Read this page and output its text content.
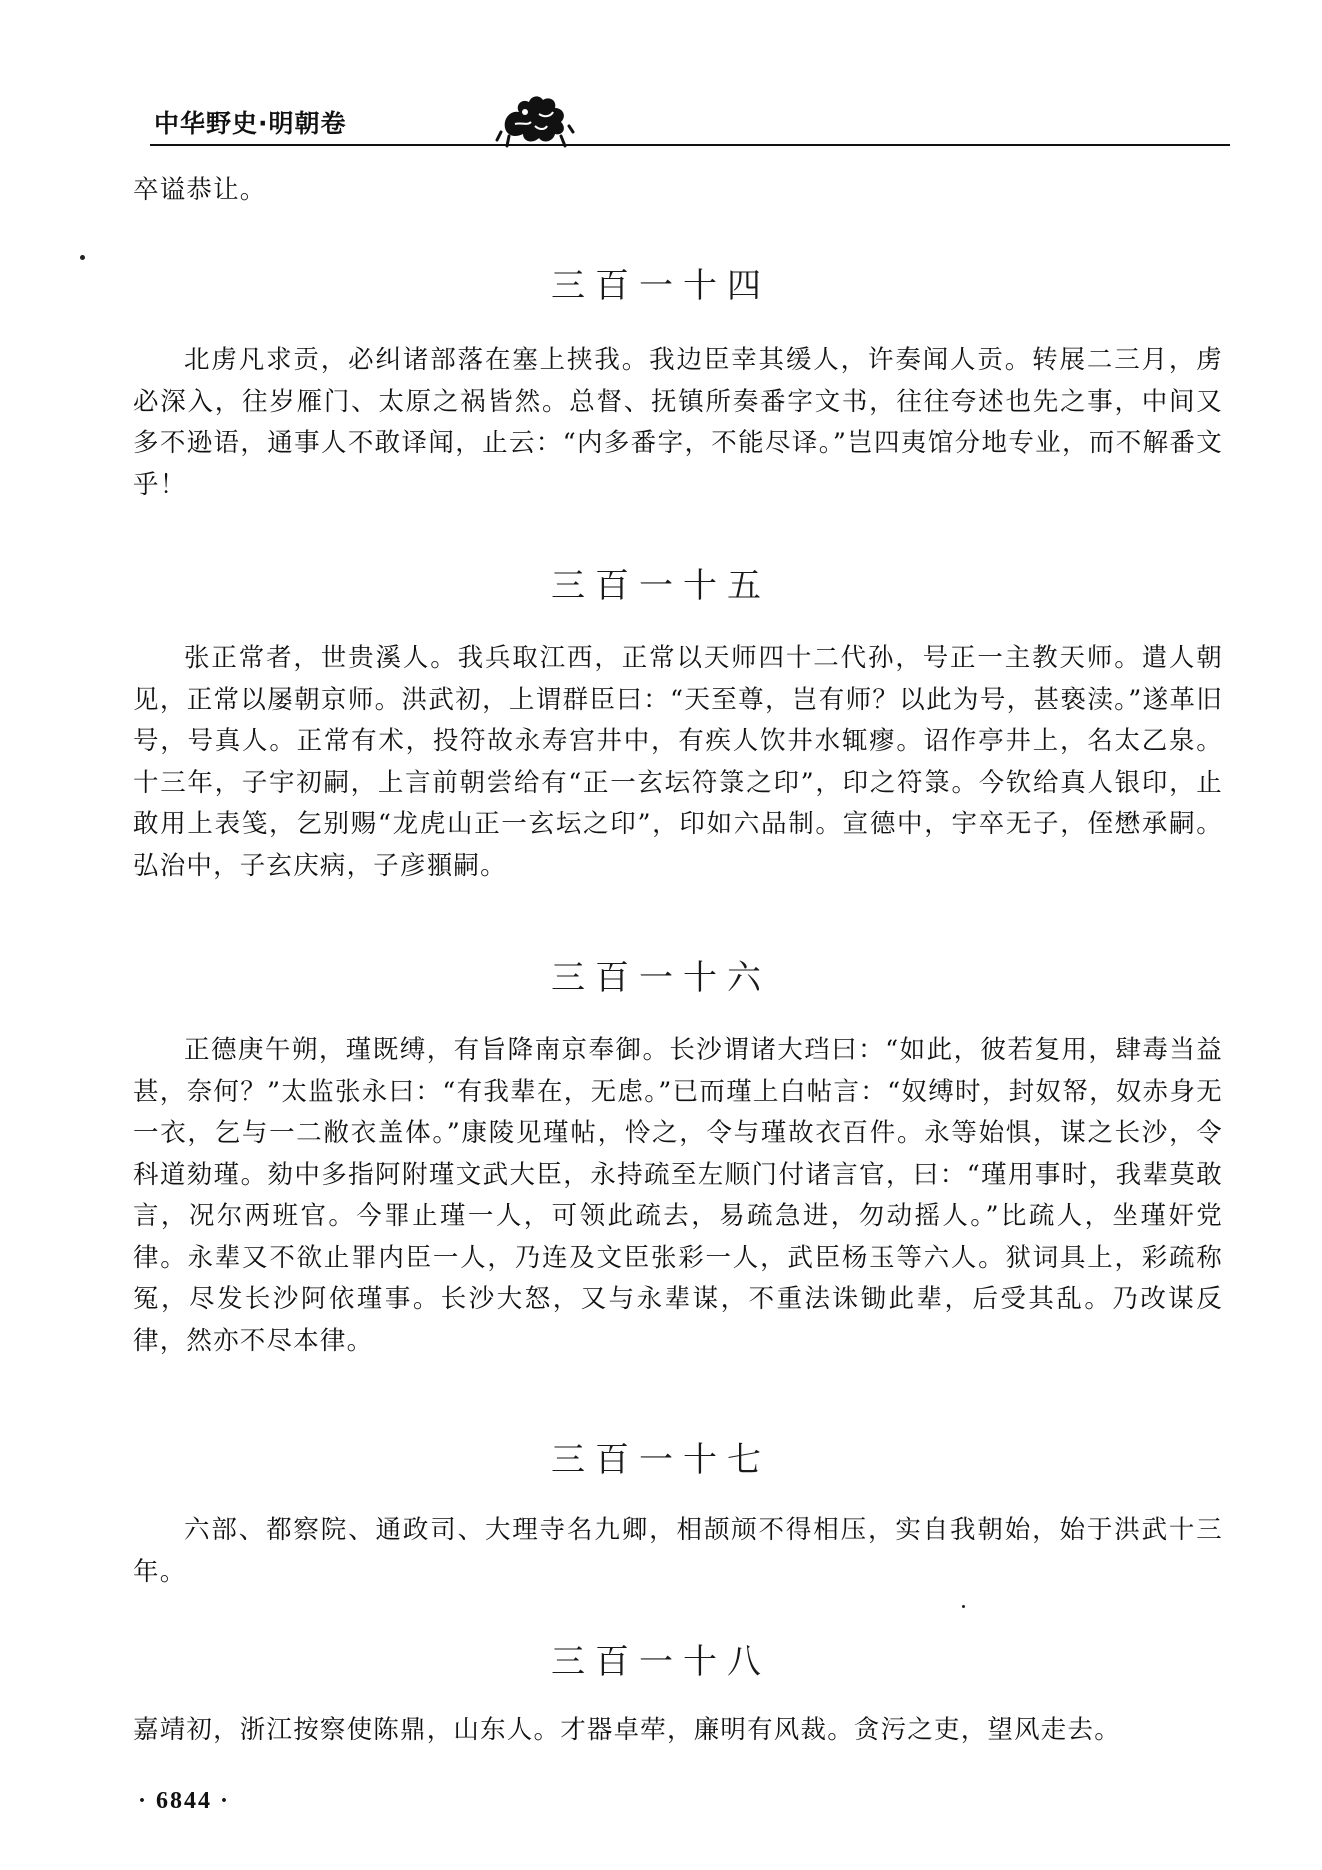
中华野史·明朝卷

卒谥恭让。

三百一十四

北虏凡求贡，必纠诸部落在塞上挟我。我边臣幸其缓人，许奏闻人贡。转展二三月，虏必深入，往岁雁门、太原之祸皆然。总督、抚镇所奏番字文书，往往夸述也先之事，中间又多不逊语，通事人不敢译闻，止云：“内多番字，不能尽译。”岂四夷馆分地专业，而不解番文乎！

三百一十五

张正常者，世贵溪人。我兵取江西，正常以天师四十二代孙，号正一主教天师。遣人朝见，正常以屡朝京师。洪武初，上谓群臣曰：“天至尊，岂有师？以此为号，甚亵渎。”遂革旧号，号真人。正常有术，投符故永寿宫井中，有疾人饮井水辄瘳。诏作亭井上，名太乙泉。十三年，子宇初嗣，上言前朝尝给有“正一玄坛符箓之印”，印之符箓。今钦给真人银印，止敢用上表笺，乞别赐“龙虎山正一玄坛之印”，印如六品制。宣德中，宇卒无子，侄懋承嗣。弘治中，子玄庆病，子彦頨嗣。

三百一十六

正德庚午朔，瑾既缚，有旨降南京奉御。长沙谓诸大珰曰：“如此，彼若复用，肆毒当益甚，奈何？”太监张永曰：“有我辈在，无虑。”已而瑾上白帖言：“奴缚时，封奴帑，奴赤身无一衣，乞与一二敝衣盖体。”康陵见瑾帖，怜之，令与瑾故衣百件。永等始惧，谋之长沙，令科道劾瑾。劾中多指阿附瑾文武大臣，永持疏至左顺门付诸言官，曰：“瑾用事时，我辈莫敢言，况尔两班官。今罪止瑾一人，可领此疏去，易疏急进，勿动摇人。”比疏人，坐瑾奸党律。永辈又不欲止罪内臣一人，乃连及文臣张彩一人，武臣杨玉等六人。狱词具上，彩疏称冤，尽发长沙阿依瑾事。长沙大怒，又与永辈谋，不重法诛锄此辈，后受其乱。乃改谋反律，然亦不尽本律。

三百一十七

六部、都察院、通政司、大理寺名九卿，相颉颃不得相压，实自我朝始，始于洪武十三年。

三百一十八

嘉靖初，浙江按察使陈鼎，山东人。才器卓荦，廉明有风裁。贪污之吏，望风走去。

· 6844 ·
